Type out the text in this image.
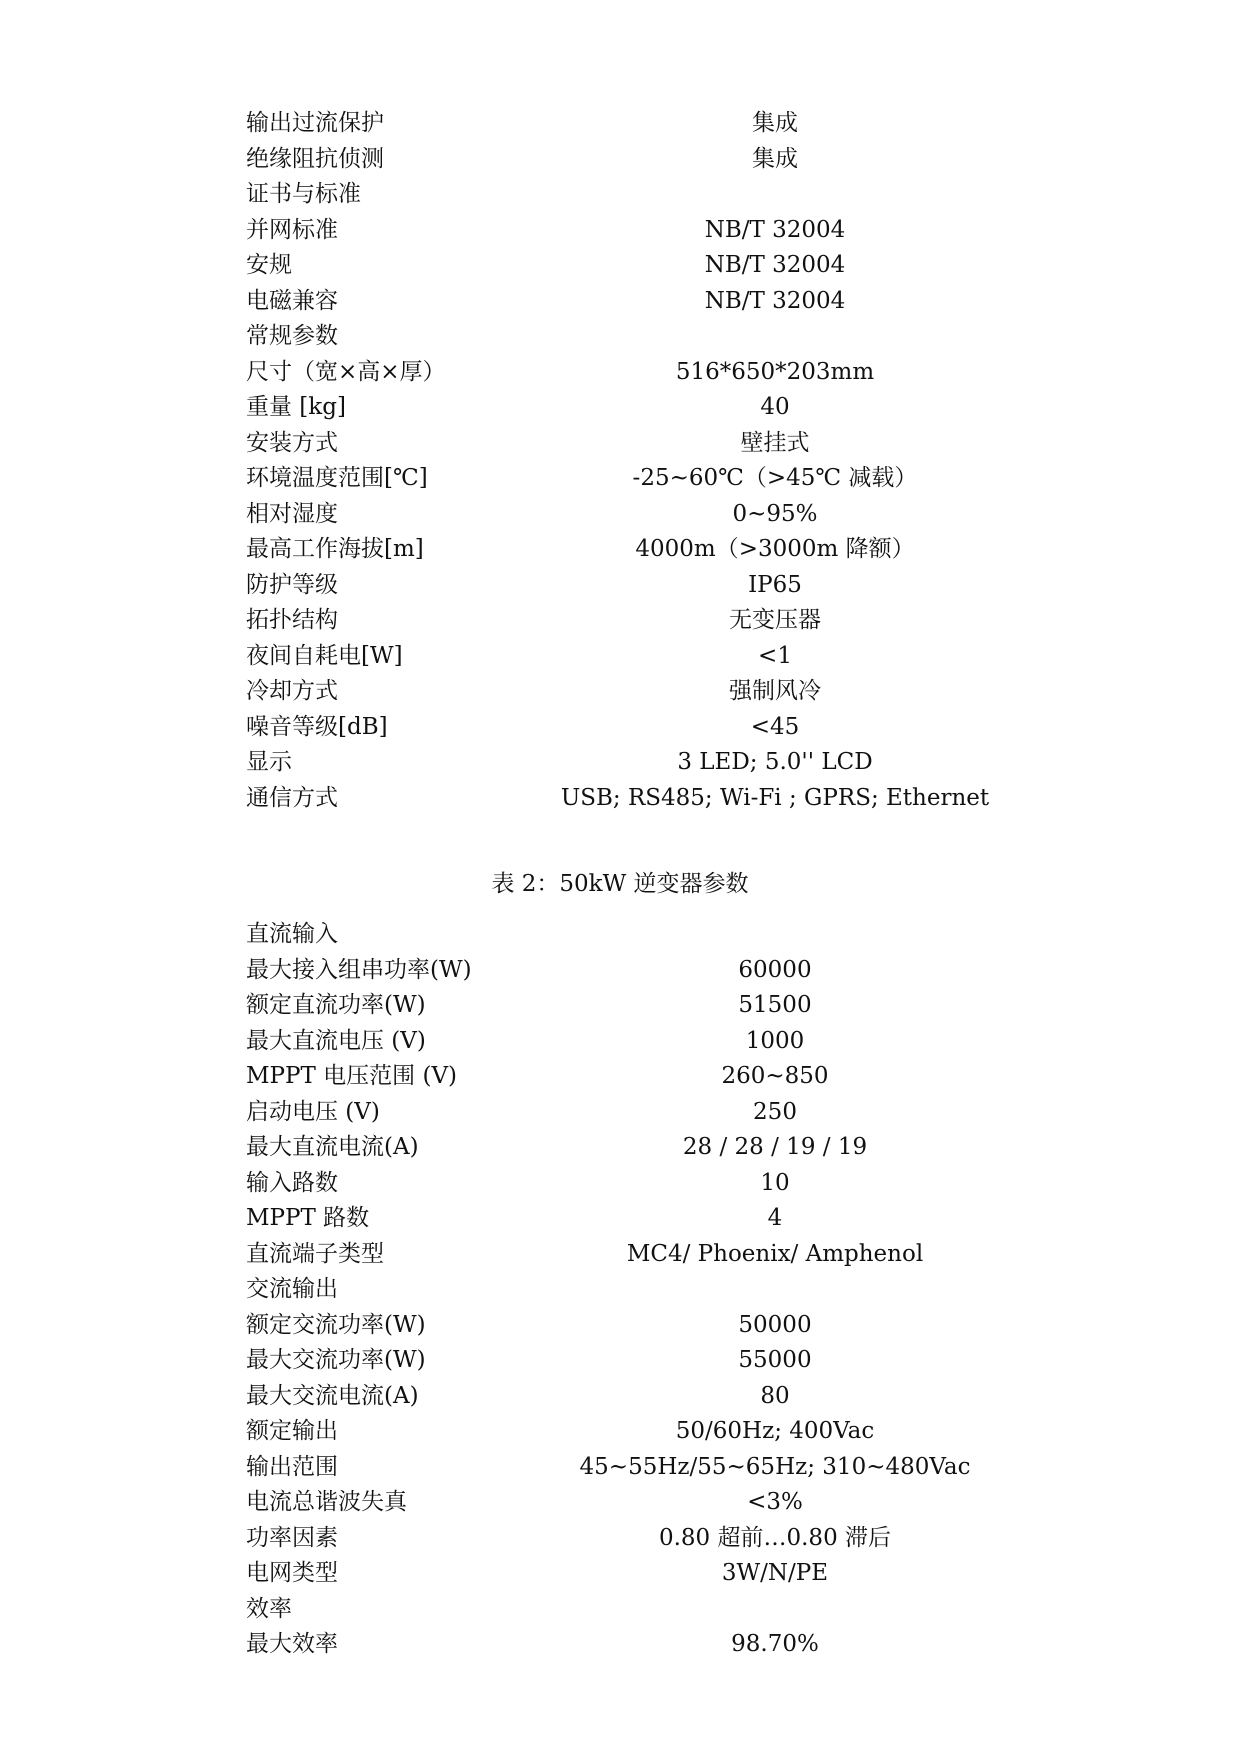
输出过流保护	集成
绝缘阻抗侦测	集成
证书与标准
并网标准	NB/T 32004
安规	NB/T 32004
电磁兼容	NB/T 32004
常规参数
尺寸（宽×高×厚）	516*650*203mm
重量 [kg]	40
安装方式	壁挂式
环境温度范围[℃]	-25~60℃（>45℃ 减载）
相对湿度	0~95%
最高工作海拔[m]	4000m（>3000m 降额）
防护等级	IP65
拓扑结构	无变压器
夜间自耗电[W]	<1
冷却方式	强制风冷
噪音等级[dB]	<45
显示	3 LED; 5.0'' LCD
通信方式	USB; RS485; Wi-Fi ; GPRS; Ethernet
表 2：50kW 逆变器参数
直流输入
最大接入组串功率(W)	60000
额定直流功率(W)	51500
最大直流电压 (V)	1000
MPPT 电压范围 (V)	260~850
启动电压 (V)	250
最大直流电流(A)	28 / 28 / 19 / 19
输入路数	10
MPPT 路数	4
直流端子类型	MC4/ Phoenix/ Amphenol
交流输出
额定交流功率(W)	50000
最大交流功率(W)	55000
最大交流电流(A)	80
额定输出	50/60Hz; 400Vac
输出范围	45~55Hz/55~65Hz; 310~480Vac
电流总谐波失真	<3%
功率因素	0.80 超前…0.80 滞后
电网类型	3W/N/PE
效率
最大效率	98.70%
